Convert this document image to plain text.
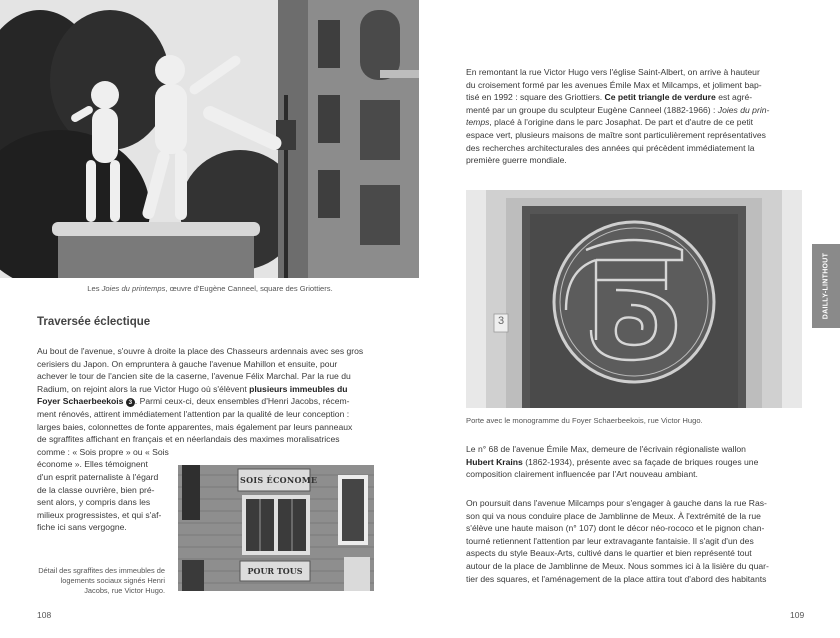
Les Joies du printemps, œuvre d'Eugène Canneel, square des Griottiers.
Traversée éclectique
Au bout de l'avenue, s'ouvre à droite la place des Chasseurs ardennais avec ses gros
cerisiers du Japon. On empruntera à gauche l'avenue Mahillon et ensuite, pour
achever le tour de l'ancien site de la caserne, l'avenue Félix Marchal. Par la rue du
Radium, on rejoint alors la rue Victor Hugo où s'élèvent plusieurs immeubles du
Foyer Schaerbeekois 3 . Parmi ceux-ci, deux ensembles d'Henri Jacobs, récem-
ment rénovés, attirent immédiatement l'attention par la qualité de leur conception :
larges baies, colonnettes de fonte apparentes, mais également par leurs panneaux
de sgraffites affichant en français et en néerlandais des maximes moralisatrices
comme : « Sois propre » ou « Sois
économe ». Elles témoignent
d'un esprit paternaliste à l'égard
de la classe ouvrière, bien pré-
sent alors, y compris dans les
milieux progressistes, et qui s'af-
fiche ici sans vergogne.
SOIS ÉCONOME
POUR TOUS
Détail des sgraffites des immeubles de logements sociaux signés Henri Jacobs, rue Victor Hugo.
108
En remontant la rue Victor Hugo vers l'église Saint-Albert, on arrive à hauteur
du croisement formé par les avenues Émile Max et Milcamps, et joliment bap-
tisé en 1992 : square des Griottiers. Ce petit triangle de verdure est agré-
menté par un groupe du sculpteur Eugène Canneel (1882-1966) : Joies du prin-
temps, placé à l'origine dans le parc Josaphat. De part et d'autre de ce petit
espace vert, plusieurs maisons de maître sont particulièrement représentatives
des recherches architecturales des années qui précèdent immédiatement la
première guerre mondiale.
3
Porte avec le monogramme du Foyer Schaerbeekois, rue Victor Hugo.
Le n° 68 de l'avenue Émile Max, demeure de l'écrivain régionaliste wallon
Hubert Krains (1862-1934), présente avec sa façade de briques rouges une
composition clairement influencée par l'Art nouveau ambiant.
On poursuit dans l'avenue Milcamps pour s'engager à gauche dans la rue Ras-
son qui va nous conduire place de Jamblinne de Meux. À l'extrémité de la rue
s'élève une haute maison (n° 107) dont le décor néo-rococo et le pignon chan-
tourné retiennent l'attention par leur extravagante fantaisie. Il s'agit d'un des
aspects du style Beaux-Arts, cultivé dans le quartier et bien représenté tout
autour de la place de Jamblinne de Meux. Nous sommes ici à la lisière du quar-
tier des squares, et l'aménagement de la place attira tout d'abord des habitants
DAILLY-LINTHOUT
109
